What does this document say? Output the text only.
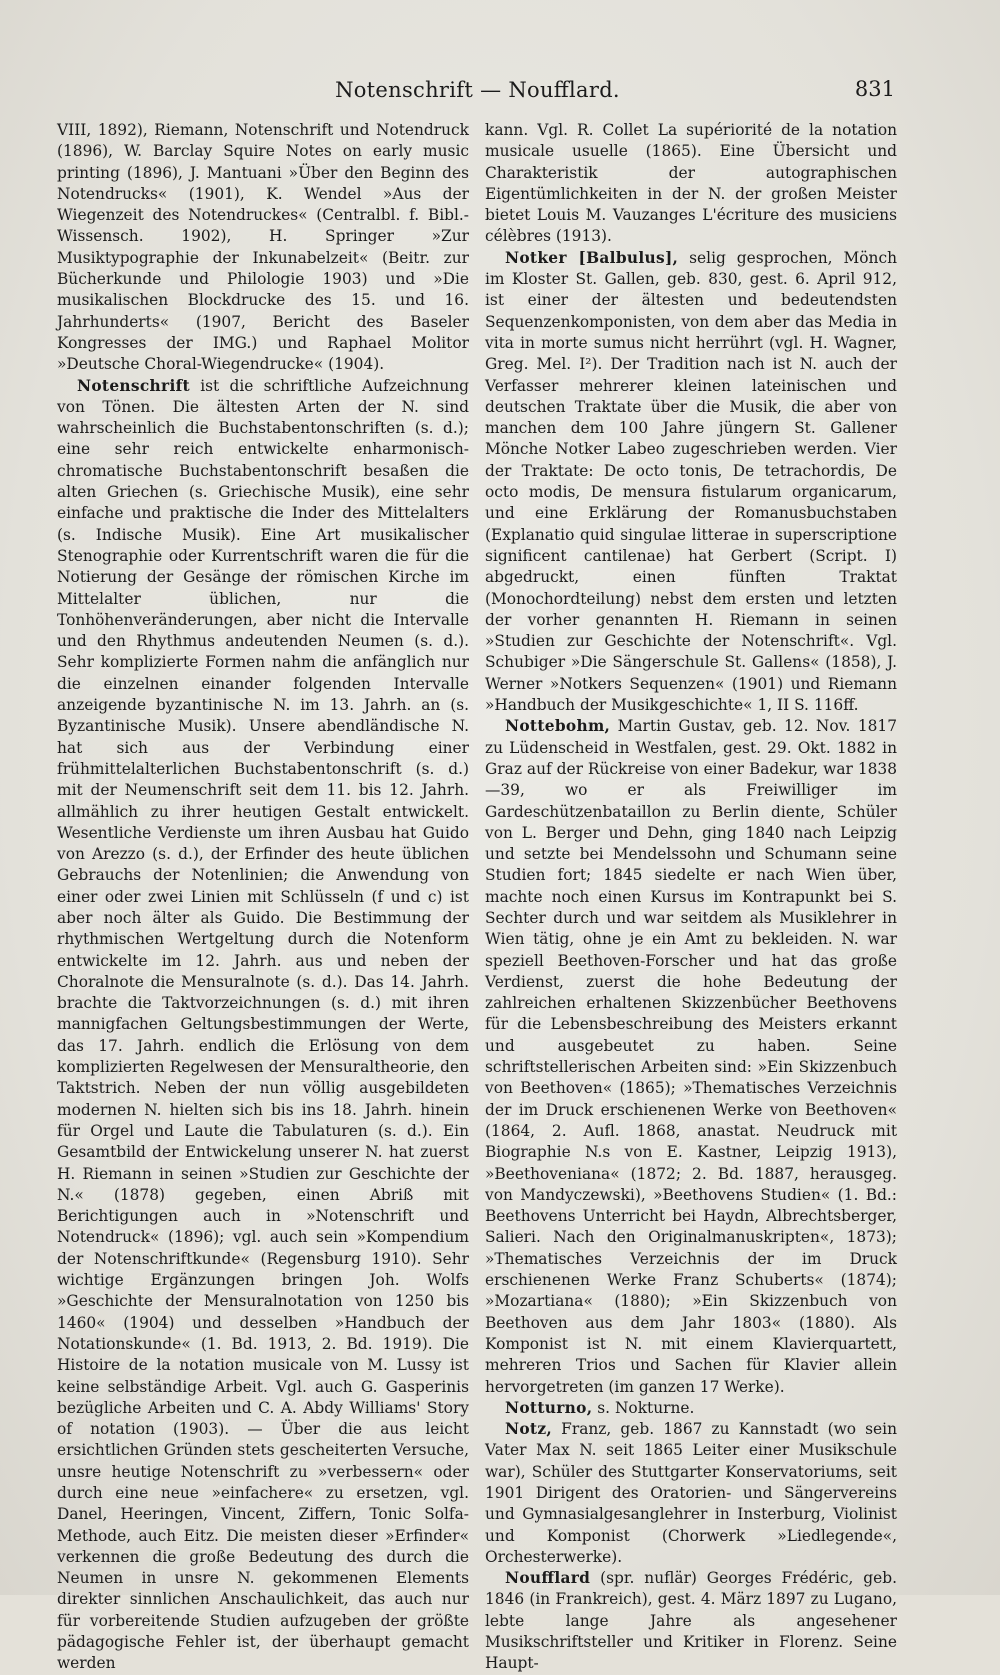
Notenschrift — Nouﬀlard.	831

VIII, 1892), Riemann, Notenschrift und Notendruck (1896), W. Barclay Squire Notes on early music printing (1896), J. Mantuani »Über den Beginn des Notendrucks« (1901), K. Wendel »Aus der Wiegenzeit des Notendruckes« (Centralbl. f. Bibl.-Wissensch. 1902), H. Springer »Zur Musiktypographie der Inkunabelzeit« (Beitr. zur Bücherkunde und Philologie 1903) und »Die musikalischen Blockdrucke des 15. und 16. Jahrhunderts« (1907, Bericht des Baseler Kongresses der IMG.) und Raphael Molitor »Deutsche Choral-Wiegendrucke« (1904).

Notenschrift ist die schriftliche Aufzeichnung von Tönen. Die ältesten Arten der N. sind wahrscheinlich die Buchstabentonschriften (s. d.); eine sehr reich entwickelte enharmonisch-chromatische Buchstabentonschrift besaßen die alten Griechen (s. Griechische Musik), eine sehr einfache und praktische die Inder des Mittelalters (s. Indische Musik). Eine Art musikalischer Stenographie oder Kurrentschrift waren die für die Notierung der Gesänge der römischen Kirche im Mittelalter üblichen, nur die Tonhöhenveränderungen, aber nicht die Intervalle und den Rhythmus andeutenden Neumen (s. d.). Sehr komplizierte Formen nahm die anfänglich nur die einzelnen einander folgenden Intervalle anzeigende byzantinische N. im 13. Jahrh. an (s. Byzantinische Musik). Unsere abendländische N. hat sich aus der Verbindung einer frühmittelalterlichen Buchstabentonschrift (s. d.) mit der Neumenschrift seit dem 11. bis 12. Jahrh. allmählich zu ihrer heutigen Gestalt entwickelt. Wesentliche Verdienste um ihren Ausbau hat Guido von Arezzo (s. d.), der Erfinder des heute üblichen Gebrauchs der Notenlinien; die Anwendung von einer oder zwei Linien mit Schlüsseln (f und c) ist aber noch älter als Guido. Die Bestimmung der rhythmischen Wertgeltung durch die Notenform entwickelte im 12. Jahrh. aus und neben der Choralnote die Mensuralnote (s. d.). Das 14. Jahrh. brachte die Taktvorzeichnungen (s. d.) mit ihren mannigfachen Geltungsbestimmungen der Werte, das 17. Jahrh. endlich die Erlösung von dem komplizierten Regelwesen der Mensuraltheorie, den Taktstrich. Neben der nun völlig ausgebildeten modernen N. hielten sich bis ins 18. Jahrh. hinein für Orgel und Laute die Tabulaturen (s. d.). Ein Gesamtbild der Entwickelung unserer N. hat zuerst H. Riemann in seinen »Studien zur Geschichte der N.« (1878) gegeben, einen Abriß mit Berichtigungen auch in »Notenschrift und Notendruck« (1896); vgl. auch sein »Kompendium der Notenschriftkunde« (Regensburg 1910). Sehr wichtige Ergänzungen bringen Joh. Wolfs »Geschichte der Mensuralnotation von 1250 bis 1460« (1904) und desselben »Handbuch der Notationskunde« (1. Bd. 1913, 2. Bd. 1919). Die Histoire de la notation musicale von M. Lussy ist keine selbständige Arbeit. Vgl. auch G. Gasperinis bezügliche Arbeiten und C. A. Abdy Williams' Story of notation (1903). — Über die aus leicht ersichtlichen Gründen stets gescheiterten Versuche, unsre heutige Notenschrift zu »verbessern« oder durch eine neue »einfachere« zu ersetzen, vgl. Danel, Heeringen, Vincent, Ziffern, Tonic Solfa-Methode, auch Eitz. Die meisten dieser »Erfinder« verkennen die große Bedeutung des durch die Neumen in unsre N. gekommenen Elements direkter sinnlichen Anschaulichkeit, das auch nur für vorbereitende Studien aufzugeben der größte pädagogische Fehler ist, der überhaupt gemacht werden

kann. Vgl. R. Collet La supériorité de la notation musicale usuelle (1865). Eine Übersicht und Charakteristik der autographischen Eigentümlichkeiten in der N. der großen Meister bietet Louis M. Vauzanges L'écriture des musiciens célèbres (1913).

Notker [Balbulus], selig gesprochen, Mönch im Kloster St. Gallen, geb. 830, gest. 6. April 912, ist einer der ältesten und bedeutendsten Sequenzenkomponisten, von dem aber das Media in vita in morte sumus nicht herrührt (vgl. H. Wagner, Greg. Mel. I²). Der Tradition nach ist N. auch der Verfasser mehrerer kleinen lateinischen und deutschen Traktate über die Musik, die aber von manchen dem 100 Jahre jüngern St. Gallener Mönche Notker Labeo zugeschrieben werden. Vier der Traktate: De octo tonis, De tetrachordis, De octo modis, De mensura fistularum organicarum, und eine Erklärung der Romanusbuchstaben (Explanatio quid singulae litterae in superscriptione significent cantilenae) hat Gerbert (Script. I) abgedruckt, einen fünften Traktat (Monochordteilung) nebst dem ersten und letzten der vorher genannten H. Riemann in seinen »Studien zur Geschichte der Notenschrift«. Vgl. Schubiger »Die Sängerschule St. Gallens« (1858), J. Werner »Notkers Sequenzen« (1901) und Riemann »Handbuch der Musikgeschichte« 1, II S. 116ff.

Nottebohm, Martin Gustav, geb. 12. Nov. 1817 zu Lüdenscheid in Westfalen, gest. 29. Okt. 1882 in Graz auf der Rückreise von einer Badekur, war 1838—39, wo er als Freiwilliger im Gardeschützenbataillon zu Berlin diente, Schüler von L. Berger und Dehn, ging 1840 nach Leipzig und setzte bei Mendelssohn und Schumann seine Studien fort; 1845 siedelte er nach Wien über, machte noch einen Kursus im Kontrapunkt bei S. Sechter durch und war seitdem als Musiklehrer in Wien tätig, ohne je ein Amt zu bekleiden. N. war speziell Beethoven-Forscher und hat das große Verdienst, zuerst die hohe Bedeutung der zahlreichen erhaltenen Skizzenbücher Beethovens für die Lebensbeschreibung des Meisters erkannt und ausgebeutet zu haben. Seine schriftstellerischen Arbeiten sind: »Ein Skizzenbuch von Beethoven« (1865); »Thematisches Verzeichnis der im Druck erschienenen Werke von Beethoven« (1864, 2. Aufl. 1868, anastat. Neudruck mit Biographie N.s von E. Kastner, Leipzig 1913), »Beethoveniana« (1872; 2. Bd. 1887, herausgeg. von Mandyczewski), »Beethovens Studien« (1. Bd.: Beethovens Unterricht bei Haydn, Albrechtsberger, Salieri. Nach den Originalmanuskripten«, 1873); »Thematisches Verzeichnis der im Druck erschienenen Werke Franz Schuberts« (1874); »Mozartiana« (1880); »Ein Skizzenbuch von Beethoven aus dem Jahr 1803« (1880). Als Komponist ist N. mit einem Klavierquartett, mehreren Trios und Sachen für Klavier allein hervorgetreten (im ganzen 17 Werke).

Notturno, s. Nokturne.

Notz, Franz, geb. 1867 zu Kannstadt (wo sein Vater Max N. seit 1865 Leiter einer Musikschule war), Schüler des Stuttgarter Konservatoriums, seit 1901 Dirigent des Oratorien- und Sängervereins und Gymnasialgesanglehrer in Insterburg, Violinist und Komponist (Chorwerk »Liedlegende«, Orchesterwerke).

Nouﬀlard (spr. nuflär) Georges Frédéric, geb. 1846 (in Frankreich), gest. 4. März 1897 zu Lugano, lebte lange Jahre als angesehener Musikschriftsteller und Kritiker in Florenz. Seine Haupt-
